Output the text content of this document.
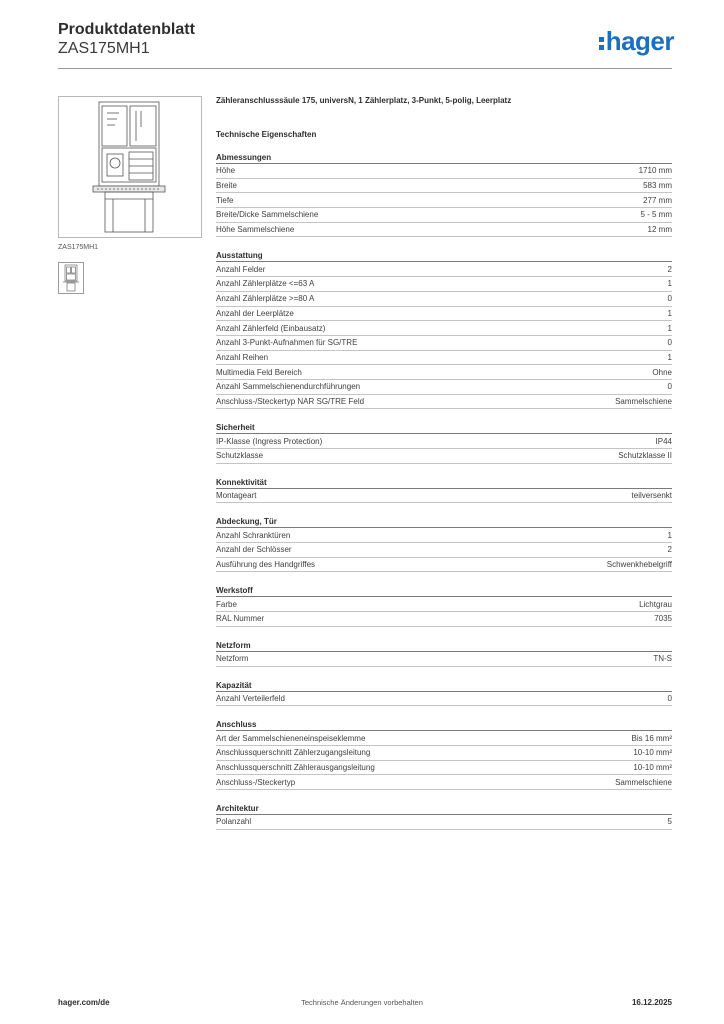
Produktdatenblatt
ZAS175MH1	hager
ZAS175MH1
Zähleranschlusssäule 175, universN, 1 Zählerplatz, 3-Punkt, 5-polig, Leerplatz
Technische Eigenschaften
Abmessungen
Höhe	1710 mm
Breite	583 mm
Tiefe	277 mm
Breite/Dicke Sammelschiene	5 - 5 mm
Höhe Sammelschiene	12 mm
Ausstattung
Anzahl Felder	2
Anzahl Zählerplätze <=63 A	1
Anzahl Zählerplätze >=80 A	0
Anzahl der Leerplätze	1
Anzahl Zählerfeld (Einbausatz)	1
Anzahl 3-Punkt-Aufnahmen für SG/TRE	0
Anzahl Reihen	1
Multimedia Feld Bereich	Ohne
Anzahl Sammelschienendurchführungen	0
Anschluss-/Steckertyp NAR SG/TRE Feld	Sammelschiene
Sicherheit
IP-Klasse (Ingress Protection)	IP44
Schutzklasse	Schutzklasse II
Konnektivität
Montageart	teilversenkt
Abdeckung, Tür
Anzahl Schranktüren	1
Anzahl der Schlösser	2
Ausführung des Handgriffes	Schwenkhebelgriff
Werkstoff
Farbe	Lichtgrau
RAL Nummer	7035
Netzform
Netzform	TN-S
Kapazität
Anzahl Verteilerfeld	0
Anschluss
Art der Sammelschieneneinspeiseklemme	Bis 16 mm²
Anschlussquerschnitt Zählerzugangsleitung	10-10 mm²
Anschlussquerschnitt Zählerausgangsleitung	10-10 mm²
Anschluss-/Steckertyp	Sammelschiene
Architektur
Polanzahl	5
hager.com/de	Technische Änderungen vorbehalten	16.12.2025
